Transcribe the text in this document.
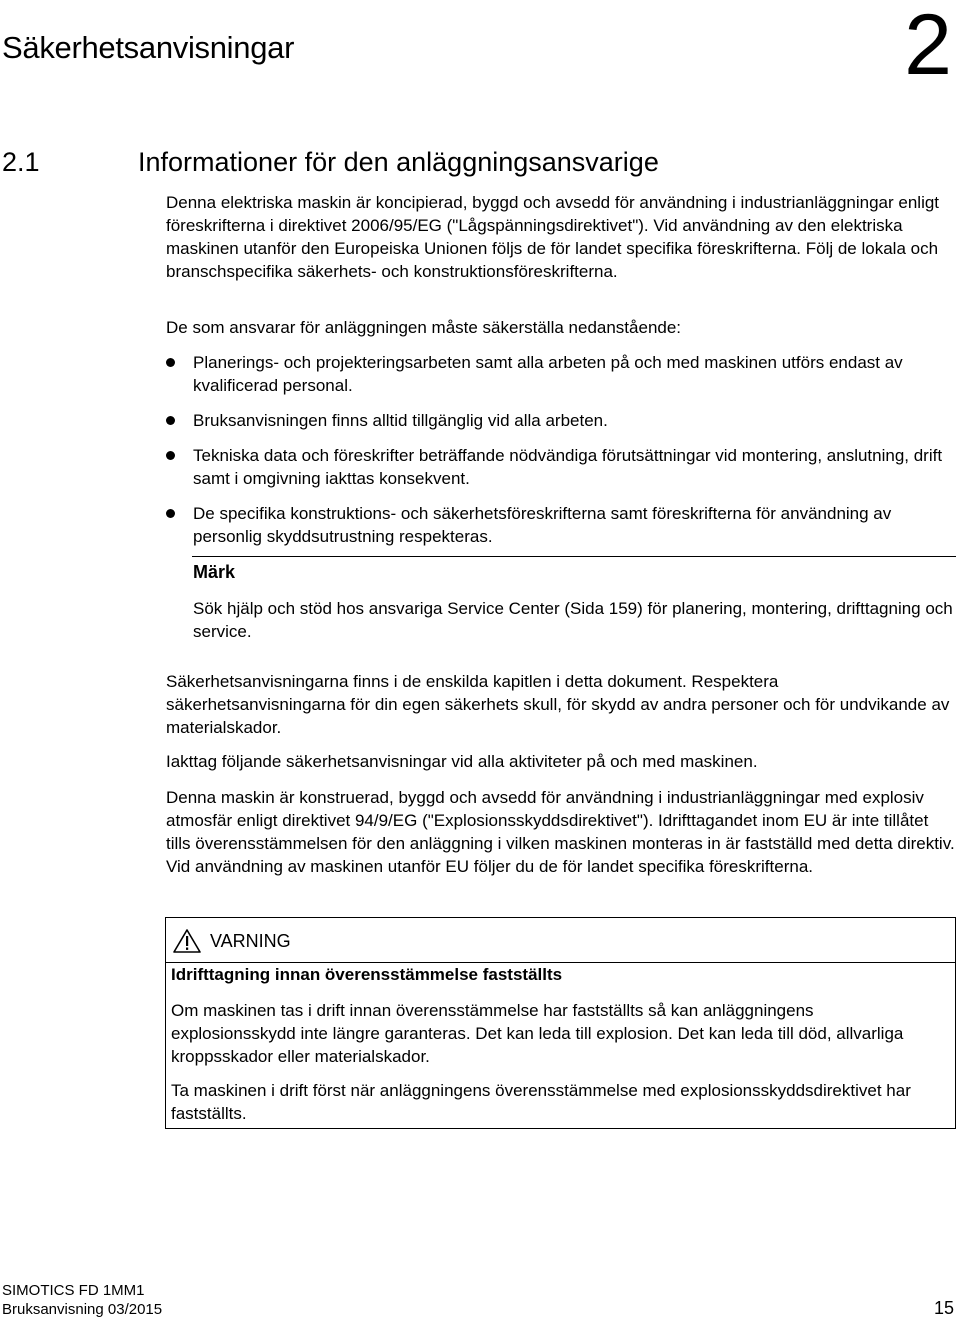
Säkerhetsanvisningar	2
2.1	Informationer för den anläggningsansvarige
Denna elektriska maskin är koncipierad, byggd och avsedd för användning i industrianläggningar enligt föreskrifterna i direktivet 2006/95/EG ("Lågspänningsdirektivet"). Vid användning av den elektriska maskinen utanför den Europeiska Unionen följs de för landet specifika föreskrifterna. Följ de lokala och branschspecifika säkerhets- och konstruktionsföreskrifterna.
De som ansvarar för anläggningen måste säkerställa nedanstående:
Planerings- och projekteringsarbeten samt alla arbeten på och med maskinen utförs endast av kvalificerad personal.
Bruksanvisningen finns alltid tillgänglig vid alla arbeten.
Tekniska data och föreskrifter beträffande nödvändiga förutsättningar vid montering, anslutning, drift samt i omgivning iakttas konsekvent.
De specifika konstruktions- och säkerhetsföreskrifterna samt föreskrifterna för användning av personlig skyddsutrustning respekteras.
Märk
Sök hjälp och stöd hos ansvariga Service Center (Sida 159) för planering, montering, drifttagning och service.
Säkerhetsanvisningarna finns i de enskilda kapitlen i detta dokument. Respektera säkerhetsanvisningarna för din egen säkerhets skull, för skydd av andra personer och för undvikande av materialskador.
Iakttag följande säkerhetsanvisningar vid alla aktiviteter på och med maskinen.
Denna maskin är konstruerad, byggd och avsedd för användning i industrianläggningar med explosiv atmosfär enligt direktivet 94/9/EG ("Explosionsskyddsdirektivet"). Idrifttagandet inom EU är inte tillåtet tills överensstämmelsen för den anläggning i vilken maskinen monteras in är fastställd med detta direktiv. Vid användning av maskinen utanför EU följer du de för landet specifika föreskrifterna.
VARNING
Idrifttagning innan överensstämmelse fastställts
Om maskinen tas i drift innan överensstämmelse har fastställts så kan anläggningens explosionsskydd inte längre garanteras. Det kan leda till explosion. Det kan leda till död, allvarliga kroppsskador eller materialskador.
Ta maskinen i drift först när anläggningens överensstämmelse med explosionsskyddsdirektivet har fastställts.
SIMOTICS FD 1MM1
Bruksanvisning 03/2015	15
